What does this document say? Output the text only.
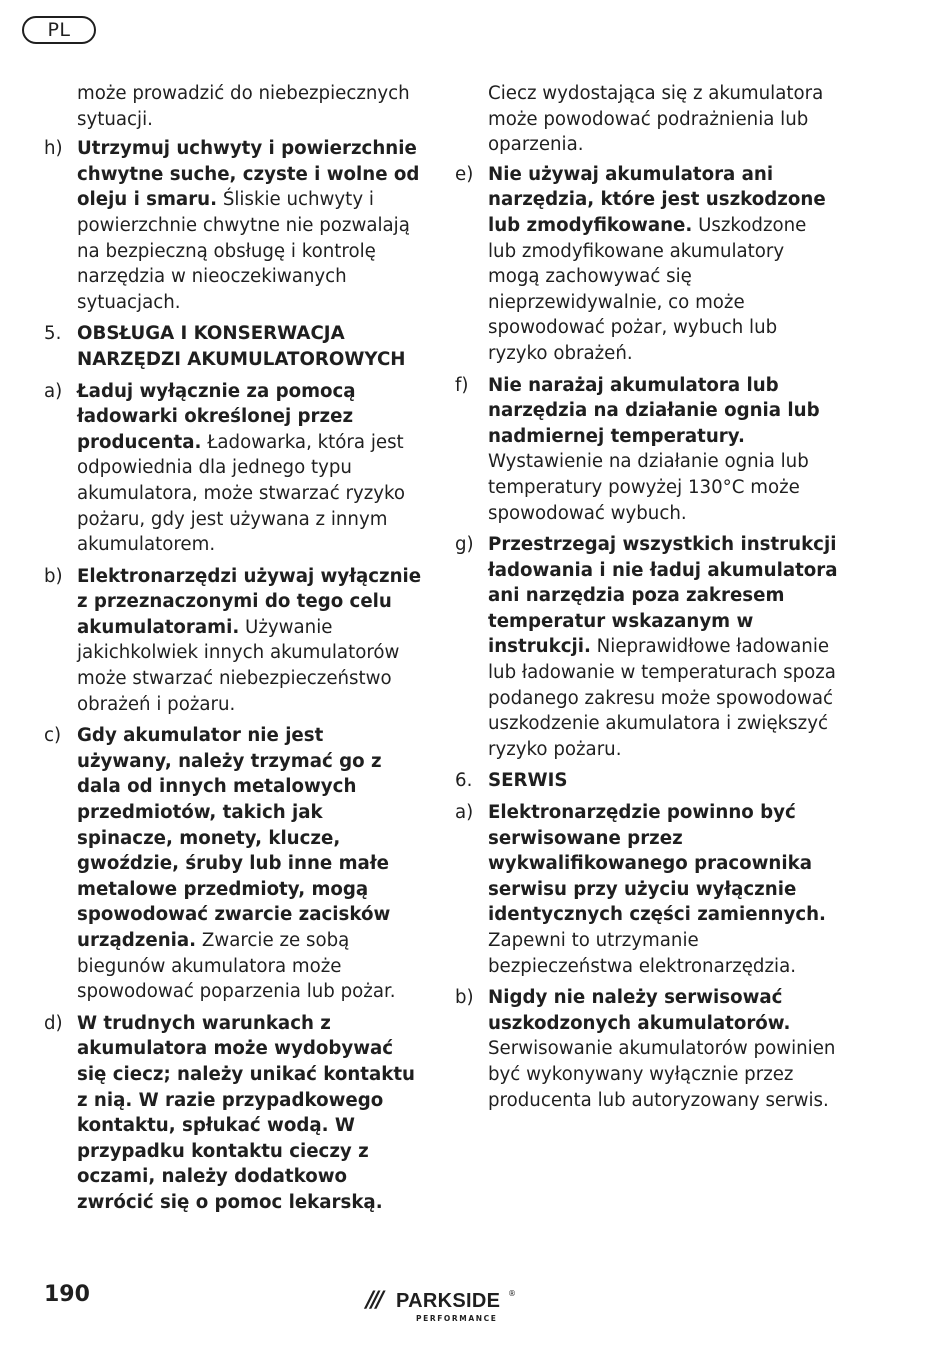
PL

może prowadzić do niebezpiecznych sytuacji.

h) Utrzymuj uchwyty i powierzchnie chwytne suche, czyste i wolne od oleju i smaru. Śliskie uchwyty i powierzchnie chwytne nie pozwalają na bezpieczną obsługę i kontrolę narzędzia w nieoczekiwanych sytuacjach.

5. OBSŁUGA I KONSERWACJA NARZĘDZI AKUMULATOROWYCH

a) Ładuj wyłącznie za pomocą ładowarki określonej przez producenta. Ładowarka, która jest odpowiednia dla jednego typu akumulatora, może stwarzać ryzyko pożaru, gdy jest używana z innym akumulatorem.

b) Elektronarzędzi używaj wyłącznie z przeznaczonymi do tego celu akumulatorami. Używanie jakichkolwiek innych akumulatorów może stwarzać niebezpieczeństwo obrażeń i pożaru.

c) Gdy akumulator nie jest używany, należy trzymać go z dala od innych metalowych przedmiotów, takich jak spinacze, monety, klucze, gwoździe, śruby lub inne małe metalowe przedmioty, mogą spowodować zwarcie zacisków urządzenia. Zwarcie ze sobą biegunów akumulatora może spowodować poparzenia lub pożar.

d) W trudnych warunkach z akumulatora może wydobywać się ciecz; należy unikać kontaktu z nią. W razie przypadkowego kontaktu, spłukać wodą. W przypadku kontaktu cieczy z oczami, należy dodatkowo zwrócić się o pomoc lekarską.

Ciecz wydostająca się z akumulatora może powodować podrażnienia lub oparzenia.

e) Nie używaj akumulatora ani narzędzia, które jest uszkodzone lub zmodyfikowane. Uszkodzone lub zmodyfikowane akumulatory mogą zachowywać się nieprzewidywalnie, co może spowodować pożar, wybuch lub ryzyko obrażeń.

f) Nie narażaj akumulatora lub narzędzia na działanie ognia lub nadmiernej temperatury. Wystawienie na działanie ognia lub temperatury powyżej 130°C może spowodować wybuch.

g) Przestrzegaj wszystkich instrukcji ładowania i nie ładuj akumulatora ani narzędzia poza zakresem temperatur wskazanym w instrukcji. Nieprawidłowe ładowanie lub ładowanie w temperaturach spoza podanego zakresu może spowodować uszkodzenie akumulatora i zwiększyć ryzyko pożaru.

6. SERWIS

a) Elektronarzędzie powinno być serwisowane przez wykwalifikowanego pracownika serwisu przy użyciu wyłącznie identycznych części zamiennych. Zapewni to utrzymanie bezpieczeństwa elektronarzędzia.

b) Nigdy nie należy serwisować uszkodzonych akumulatorów. Serwisowanie akumulatorów powinien być wykonywany wyłącznie przez producenta lub autoryzowany serwis.

190	/// PARKSIDE ®
PERFORMANCE
